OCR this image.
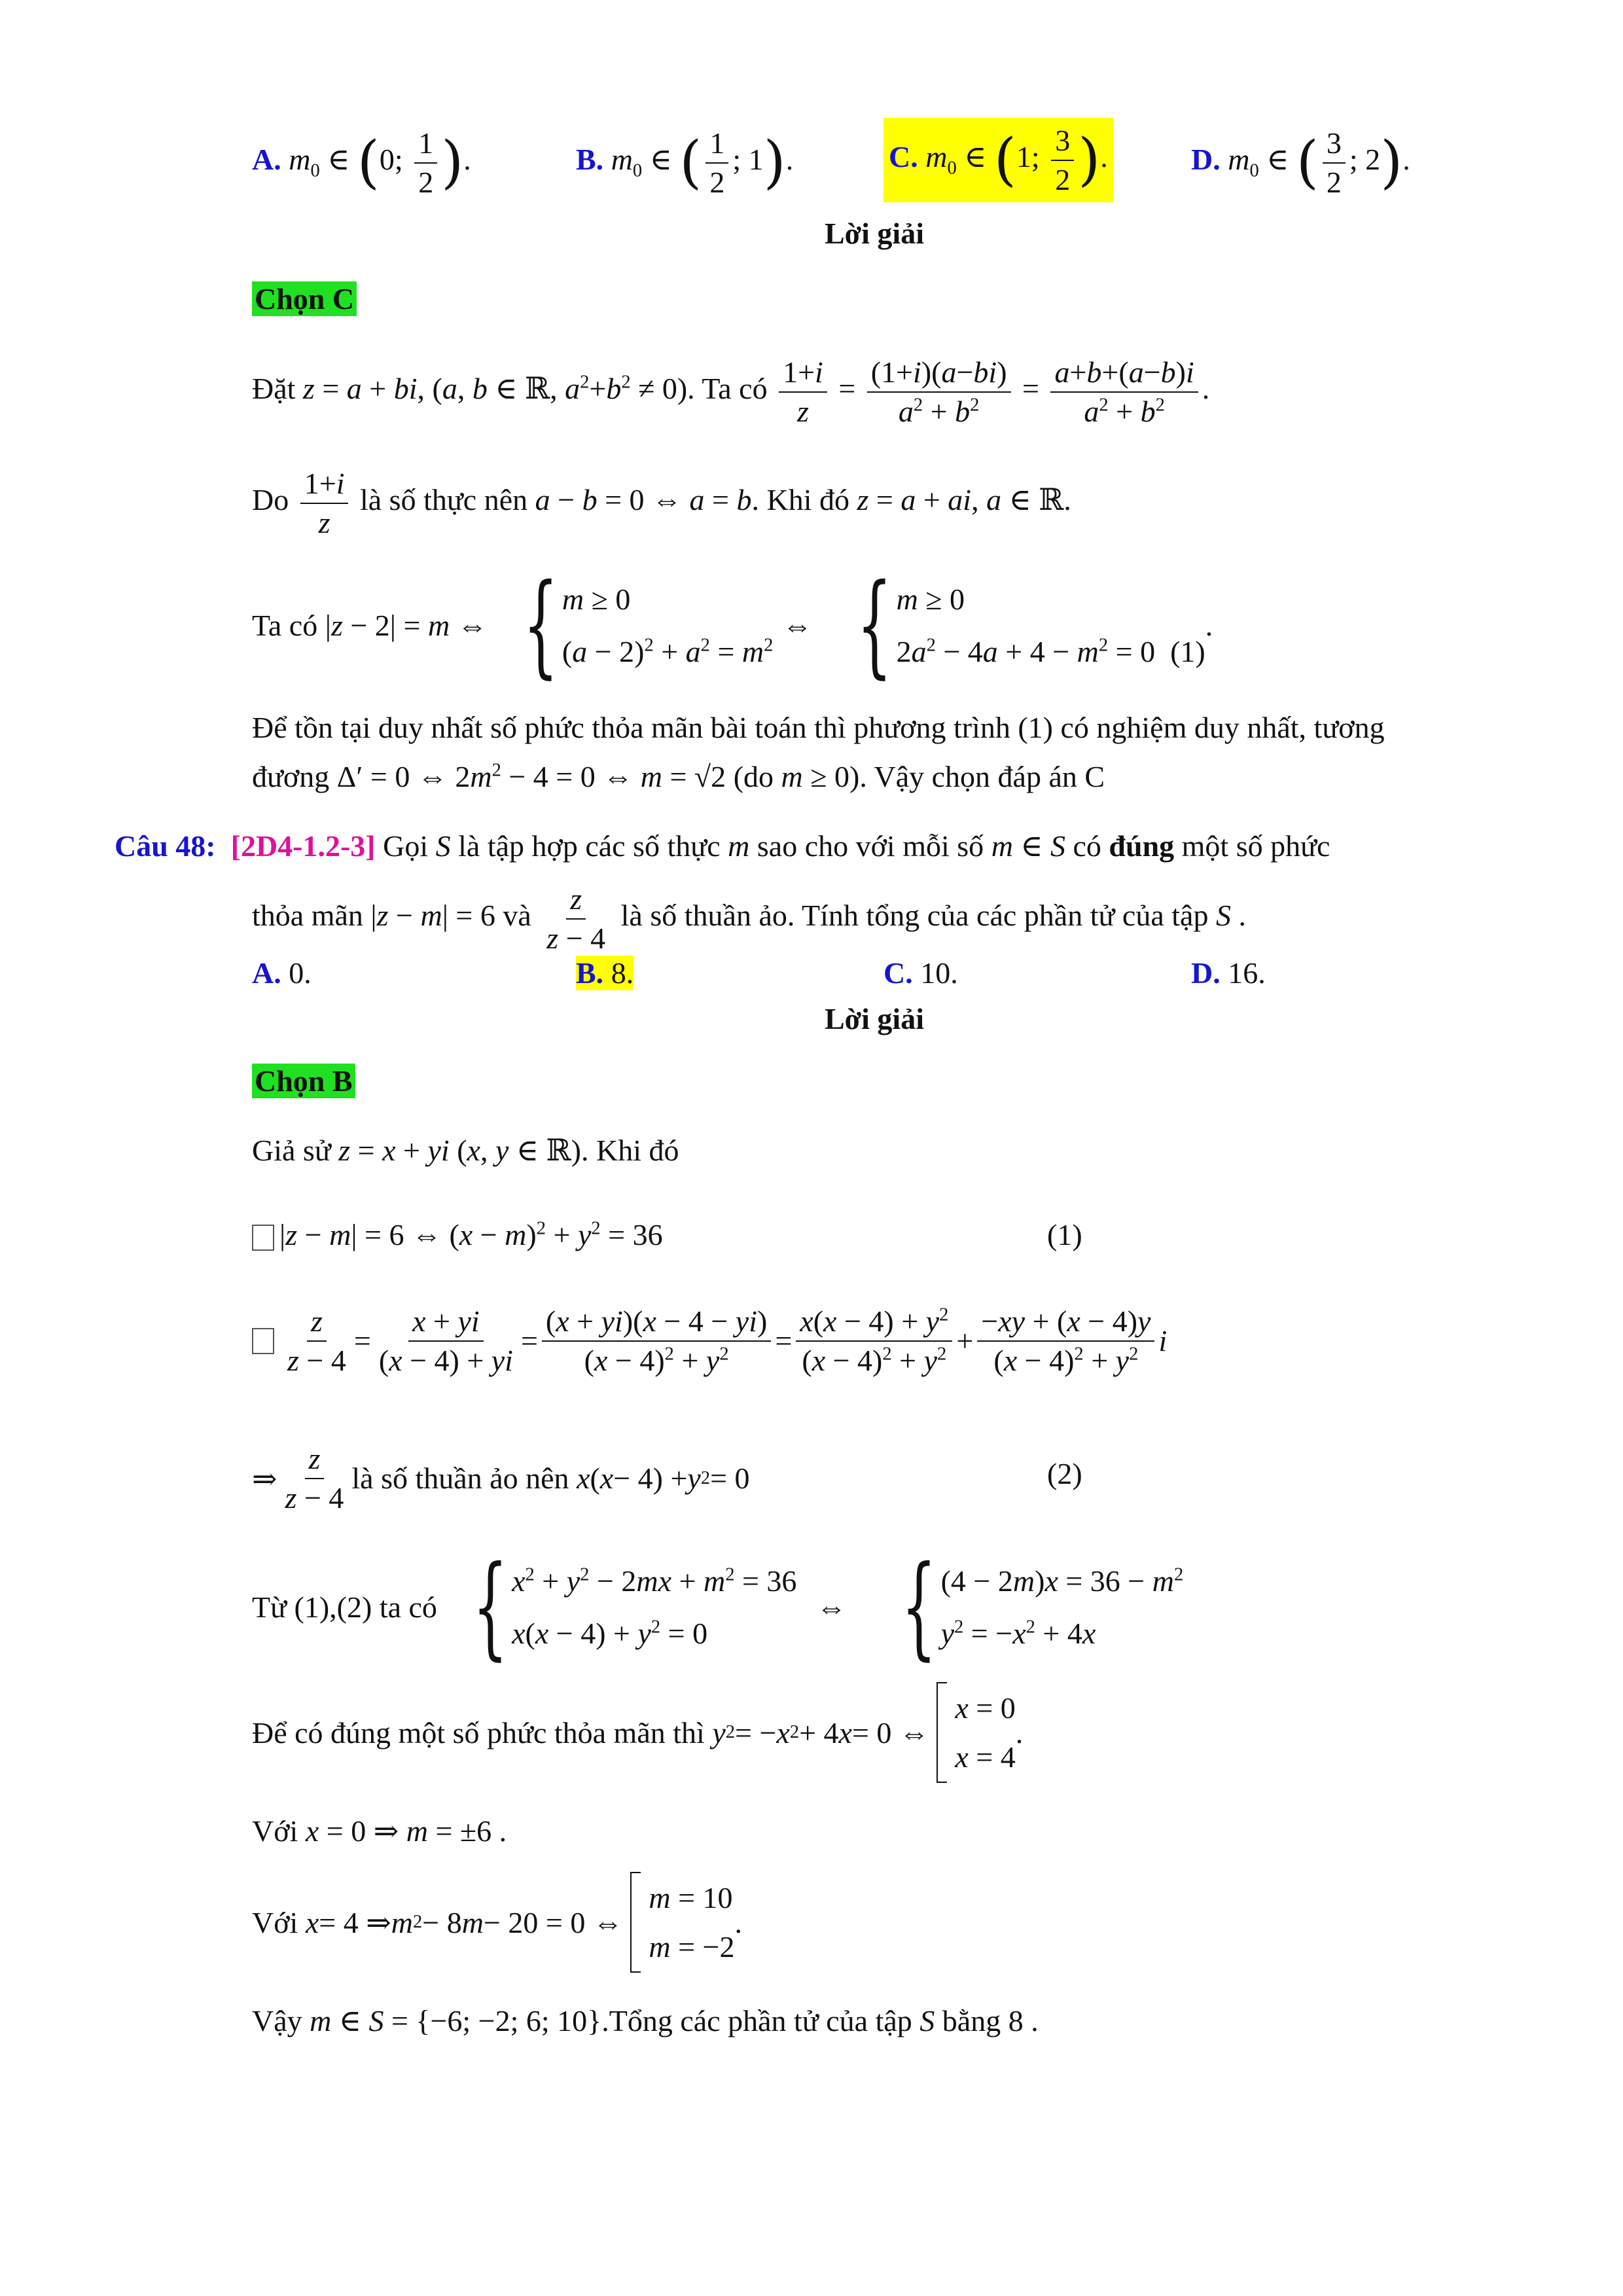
A. $m_0$ ∈ (0; $\frac{1}{2}$ ).	B. $m_0$ ∈ ( $\frac{1}{2}$ ; 1).	C. $m_0$ ∈ (1; $\frac{3}{2}$ ).	D. $m_0$ ∈ ( $\frac{3}{2}$ ; 2).
Lời giải
Chọn C
Đặt z = a + bi, (a, b ∈ ℝ, $a^2+b^2 \ne 0$). Ta có $\frac{1+i}{z} = \frac{(1+i)(a-bi)}{a^2 + b^2} = \frac{a+b+(a-b)i}{a^2 + b^2}$ .
Do $\frac{1+i}{z}$ là số thực nên a − b = 0 ⇔ a = b. Khi đó z = a + ai, a ∈ ℝ.
Ta có
|z − 2| = m ⇔ { m ≥ 0
$(a - 2)^2 + a^2 = m^2$
⇔ { m ≥ 0
$2a^2 - 4a + 4 - m^2 = 0$  (1)
.
Để tồn tại duy nhất số phức thỏa mãn bài toán thì phương trình (1) có nghiệm duy nhất, tương
đương Δ′ = 0 ⇔ $2m^2 - 4 = 0$ ⇔ m = √2 (do m ≥ 0). Vậy chọn đáp án C
Câu 48: [2D4-1.2-3] Gọi S là tập hợp các số thực m sao cho với mỗi số m ∈ S có đúng một số phức
thỏa mãn |z − m| = 6 và $\frac{z}{z - 4}$ là số thuần ảo. Tính tổng của các phần tử của tập S .
A. 0.	B. 8.	C. 10.	D. 16.
Lời giải
Chọn B
Giả sử z = x + yi (x, y ∈ ℝ). Khi đó
|z − m| = 6 ⇔ $(x - m)^2 + y^2 = 36$	(1)
$\frac{z}{z - 4} = \frac{x + yi}{(x - 4) + yi} = \frac{(x + yi)(x - 4 - yi)}{(x - 4)^2 + y^2} = \frac{x(x - 4) + y^2}{(x - 4)^2 + y^2} + \frac{-xy + (x - 4)y}{(x - 4)^2 + y^2}$ i
⇒ $\frac{z}{z - 4}$ là số thuần ảo nên
x ( x − 4) + y 2 = 0	(2)
Từ (1),(2) ta có { $x^2 + y^2 - 2mx + m^2 = 36$
$x(x - 4) + y^2 = 0$
⇔ { $(4 - 2m)x = 36 - m^2$
$y^2 = -x^2 + 4x$
Để có đúng một số phức thỏa mãn thì
y 2 = − x 2 + 4 x = 0 ⇔
x = 0
x = 4
.
Với x = 0 ⇒ m = ±6 .
Với
x = 4 ⇒ m 2 − 8 m − 20 = 0 ⇔
m = 10
m = −2
.
Vậy m ∈ S = {−6; −2; 6; 10}.Tổng các phần tử của tập S bằng 8 .
